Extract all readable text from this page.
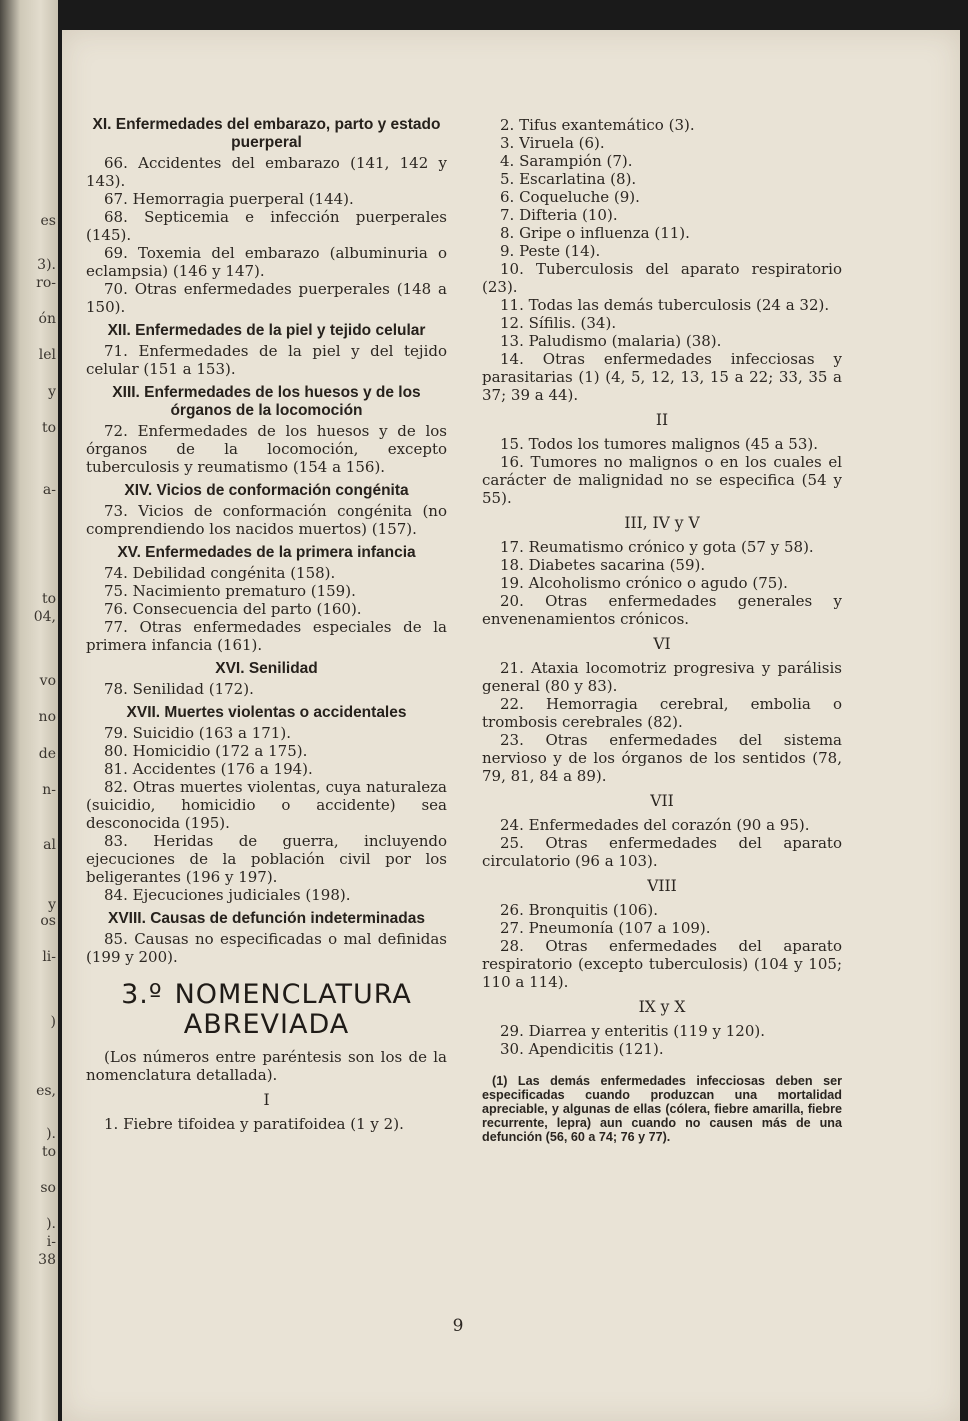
es
3).
ro-
ón
lel
y
to
a-
to
04,
vo
no
de
n-
al
y
os
li-
)
es,
).
to
so
).
i-
38
XI. Enfermedades del embarazo, parto y estado puerperal

66. Accidentes del embarazo (141, 142 y 143).

67. Hemorragia puerperal (144).

68. Septicemia e infección puerperales (145).

69. Toxemia del embarazo (albuminuria o eclampsia) (146 y 147).

70. Otras enfermedades puerperales (148 a 150).

XII. Enfermedades de la piel y tejido celular

71. Enfermedades de la piel y del tejido celular (151 a 153).

XIII. Enfermedades de los huesos y de los órganos de la locomoción

72. Enfermedades de los huesos y de los órganos de la locomoción, excepto tuberculosis y reumatismo (154 a 156).

XIV. Vicios de conformación congénita

73. Vicios de conformación congénita (no comprendiendo los nacidos muertos) (157).

XV. Enfermedades de la primera infancia

74. Debilidad congénita (158).

75. Nacimiento prematuro (159).

76. Consecuencia del parto (160).

77. Otras enfermedades especiales de la primera infancia (161).

XVI. Senilidad

78. Senilidad (172).

XVII. Muertes violentas o accidentales

79. Suicidio (163 a 171).

80. Homicidio (172 a 175).

81. Accidentes (176 a 194).

82. Otras muertes violentas, cuya naturaleza (suicidio, homicidio o accidente) sea desconocida (195).

83. Heridas de guerra, incluyendo ejecuciones de la población civil por los beligerantes (196 y 197).

84. Ejecuciones judiciales (198).

XVIII. Causas de defunción indeterminadas

85. Causas no especificadas o mal definidas (199 y 200).

3.º NOMENCLATURA
ABREVIADA

(Los números entre paréntesis son los de la nomenclatura detallada).

I

1. Fiebre tifoidea y paratifoidea (1 y 2).

2. Tifus exantemático (3).

3. Viruela (6).

4. Sarampión (7).

5. Escarlatina (8).

6. Coqueluche (9).

7. Difteria (10).

8. Gripe o influenza (11).

9. Peste (14).

10. Tuberculosis del aparato respiratorio (23).

11. Todas las demás tuberculosis (24 a 32).

12. Sífilis. (34).

13. Paludismo (malaria) (38).

14. Otras enfermedades infecciosas y parasitarias (1) (4, 5, 12, 13, 15 a 22; 33, 35 a 37; 39 a 44).

II

15. Todos los tumores malignos (45 a 53).

16. Tumores no malignos o en los cuales el carácter de malignidad no se especifica (54 y 55).

III, IV y V

17. Reumatismo crónico y gota (57 y 58).

18. Diabetes sacarina (59).

19. Alcoholismo crónico o agudo (75).

20. Otras enfermedades generales y envenenamientos crónicos.

VI

21. Ataxia locomotriz progresiva y parálisis general (80 y 83).

22. Hemorragia cerebral, embolia o trombosis cerebrales (82).

23. Otras enfermedades del sistema nervioso y de los órganos de los sentidos (78, 79, 81, 84 a 89).

VII

24. Enfermedades del corazón (90 a 95).

25. Otras enfermedades del aparato circulatorio (96 a 103).

VIII

26. Bronquitis (106).

27. Pneumonía (107 a 109).

28. Otras enfermedades del aparato respiratorio (excepto tuberculosis) (104 y 105; 110 a 114).

IX y X

29. Diarrea y enteritis (119 y 120).

30. Apendicitis (121).

(1) Las demás enfermedades infecciosas deben ser especificadas cuando produzcan una mortalidad apreciable, y algunas de ellas (cólera, fiebre amarilla, fiebre recurrente, lepra) aun cuando no causen más de una defunción (56, 60 a 74; 76 y 77).

9
